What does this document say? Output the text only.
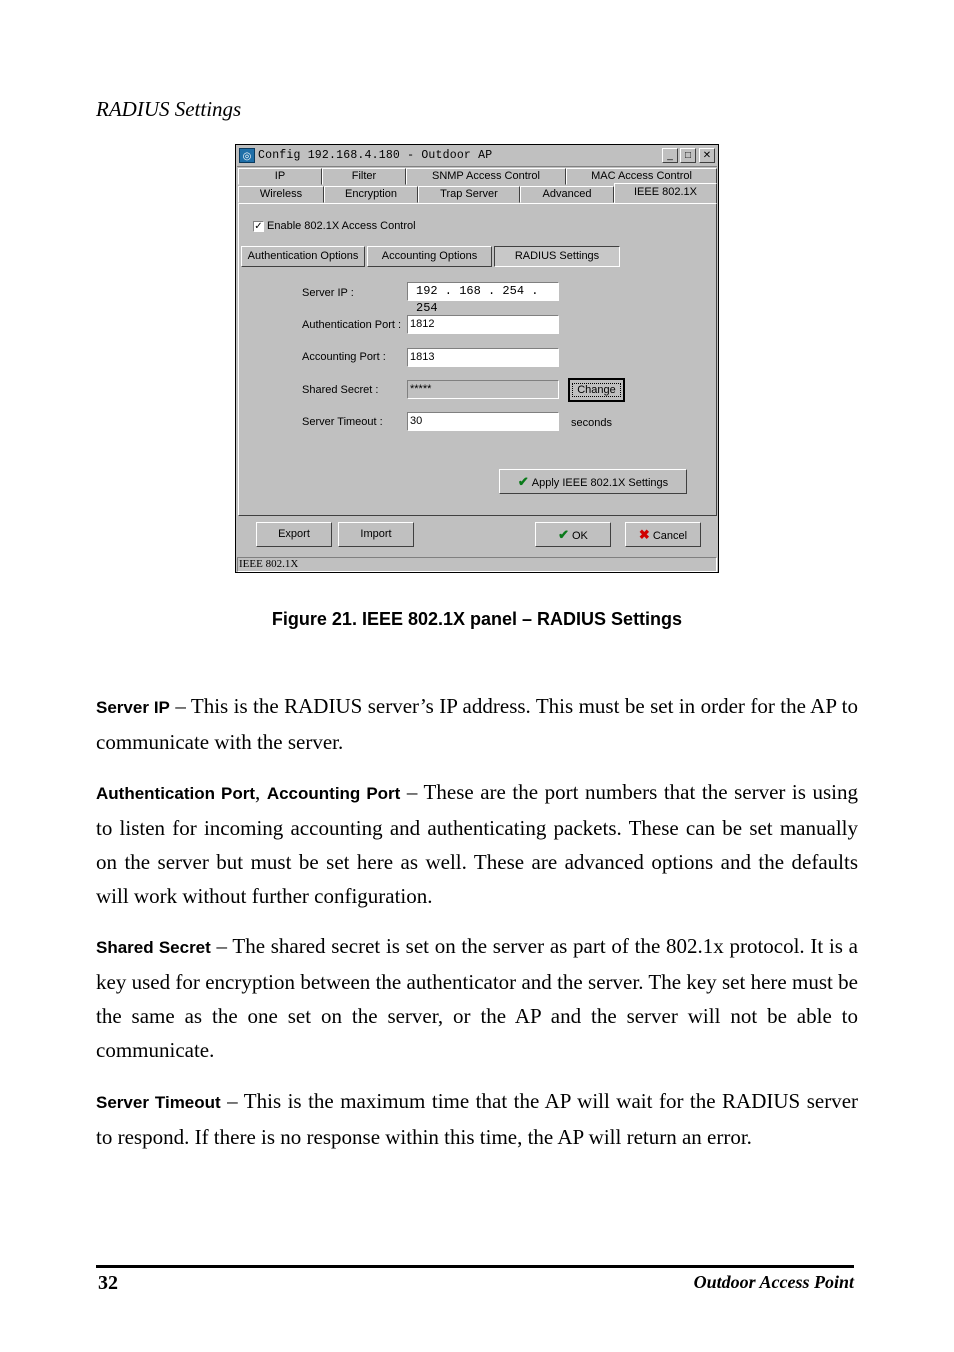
RADIUS Settings
◎ Config 192.168.4.180 - Outdoor AP	_	□	✕
IP	Filter	SNMP Access Control	MAC Access Control
Wireless	Encryption	Trap Server	Advanced	IEEE 802.1X
✓ Enable 802.1X Access Control
Authentication Options	Accounting Options	RADIUS Settings
Server IP :	192 . 168 . 254 . 254
Authentication Port : 1812
Accounting Port : 1813
Shared Secret :	*****	Change
Server Timeout : 30	seconds
✔ Apply IEEE 802.1X Settings
Export	Import	✔ OK	✖ Cancel
IEEE 802.1X
Figure 21. IEEE 802.1X panel – RADIUS Settings
Server IP – This is the RADIUS server’s IP address. This must be set in order for the AP to communicate with the server.
Authentication Port, Accounting Port – These are the port numbers that the server is using to listen for incoming accounting and authenticating packets. These can be set manually on the server but must be set here as well. These are advanced options and the defaults will work without further configuration.
Shared Secret – The shared secret is set on the server as part of the 802.1x protocol. It is a key used for encryption between the authenticator and the server. The key set here must be the same as the one set on the server, or the AP and the server will not be able to communicate.
Server Timeout – This is the maximum time that the AP will wait for the RADIUS server to respond. If there is no response within this time, the AP will return an error.
32	Outdoor Access Point
